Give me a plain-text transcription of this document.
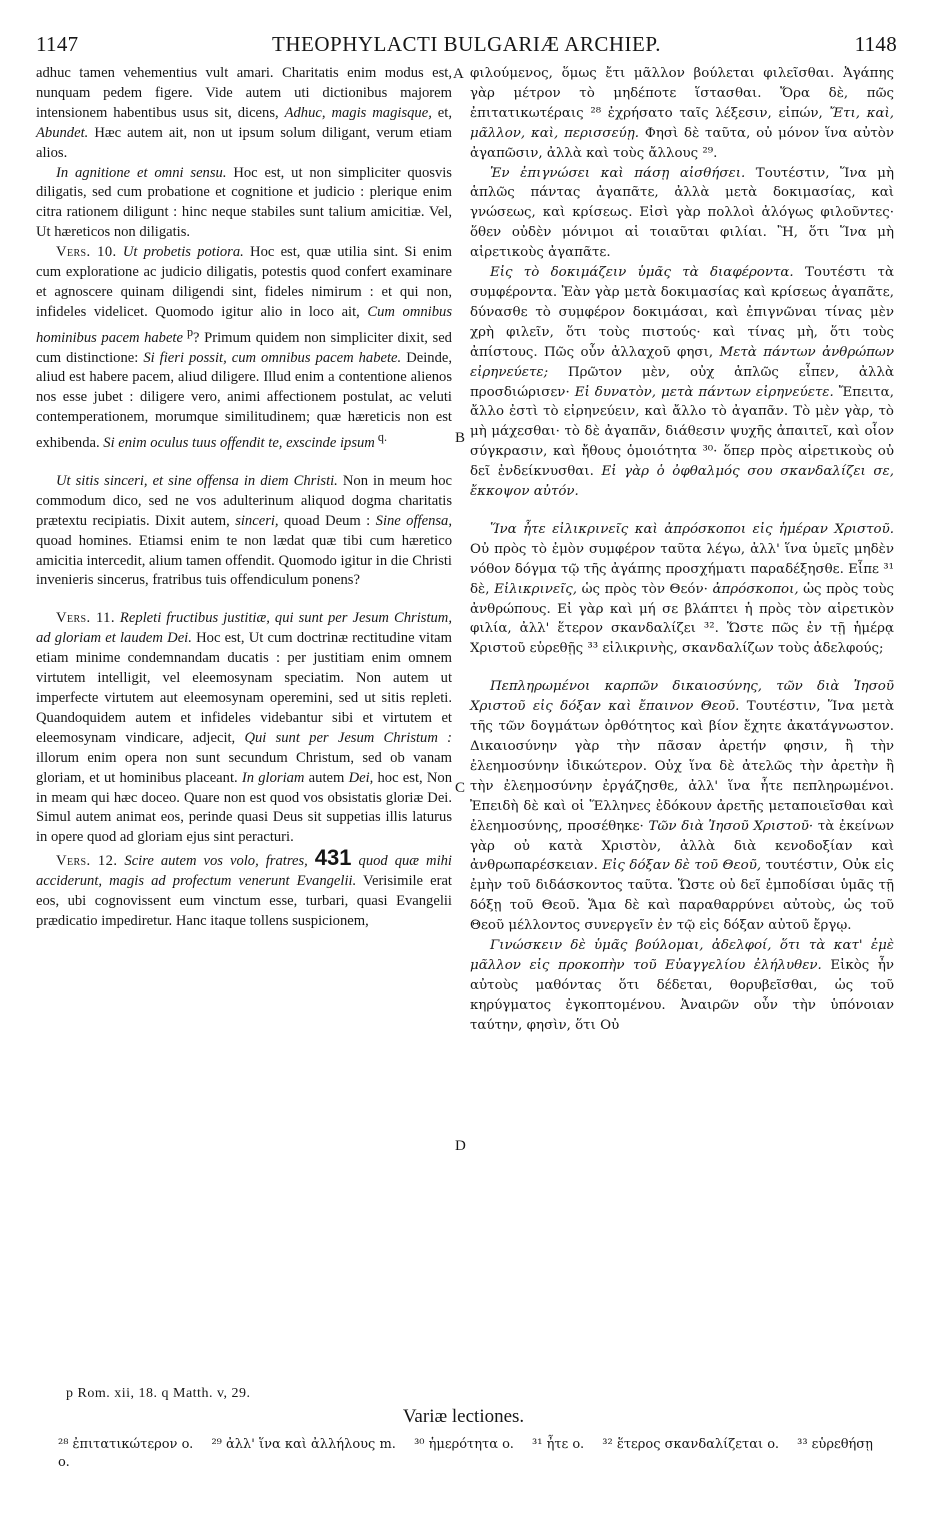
1147	THEOPHYLACTI BULGARIÆ ARCHIEP.	1148

adhuc tamen vehementius vult amari. Charitatis enim modus est, nunquam pedem figere. Vide autem uti dictionibus majorem intensionem habentibus usus sit, dicens, Adhuc, magis magisque, et, Abundet. Hæc autem ait, non ut ipsum solum diligant, verum etiam alios.

In agnitione et omni sensu. Hoc est, ut non simpliciter quosvis diligatis, sed cum probatione et cognitione et judicio : plerique enim citra rationem diligunt : hinc neque stabiles sunt talium amicitiæ. Vel, Ut hæreticos non diligatis.

Vers. 10. Ut probetis potiora. Hoc est, quæ utilia sint. Si enim cum exploratione ac judicio diligatis, potestis quod confert examinare et agnoscere quinam diligendi sint, fideles nimirum : et qui non, infideles videlicet. Quomodo igitur alio in loco ait, Cum omnibus hominibus pacem habete $^p$? Primum quidem non simpliciter dixit, sed cum distinctione: Si fieri possit, cum omnibus pacem habete. Deinde, aliud est habere pacem, aliud diligere. Illud enim a contentione alienos nos esse jubet : diligere vero, animi affectionem postulat, ac veluti contemperationem, morumque similitudinem; quæ hæreticis non est exhibenda. Si enim oculus tuus offendit te, exscinde ipsum $^{q.}$

Ut sitis sinceri, et sine offensa in diem Christi. Non in meum hoc commodum dico, sed ne vos adulterinum aliquod dogma charitatis prætextu recipiatis. Dixit autem, sinceri, quoad Deum : Sine offensa, quoad homines. Etiamsi enim te non lædat quæ tibi cum hæretico amicitia intercedit, alium tamen offendit. Quomodo igitur in die Christi invenieris sincerus, fratribus tuis offendiculum ponens?

Vers. 11. Repleti fructibus justitiæ, qui sunt per Jesum Christum, ad gloriam et laudem Dei. Hoc est, Ut cum doctrinæ rectitudine vitam etiam minime condemnandam ducatis : per justitiam enim omnem virtutem intelligit, vel eleemosynam speciatim. Non autem ut imperfecte virtutem aut eleemosynam operemini, sed ut sitis repleti. Quandoquidem autem et infideles videbantur sibi et virtutem et eleemosynam vindicare, adjecit, Qui sunt per Jesum Christum : illorum enim opera non sunt secundum Christum, sed ob vanam gloriam, et ut hominibus placeant. In gloriam autem Dei, hoc est, Non in meam qui hæc doceo. Quare non est quod vos obsistatis gloriæ Dei. Simul autem animat eos, perinde quasi Deus sit suppetias illis laturus in opere quod ad gloriam ejus sint peracturi.

Vers. 12. Scire autem vos volo, fratres, 431 quod quæ mihi acciderunt, magis ad profectum venerunt Evangelii. Verisimile erat eos, ubi cognovissent eum vinctum esse, turbari, quasi Evangelii prædicatio impediretur. Hanc itaque tollens suspicionem,

φιλούμενος, ὅμως ἔτι μᾶλλον βούλεται φιλεῖσθαι. Ἀγάπης γὰρ μέτρον τὸ μηδέποτε ἵστασθαι. Ὅρα δὲ, πῶς ἐπιτατικωτέραις ²⁸ ἐχρήσατο ταῖς λέξεσιν, εἰπών, Ἔτι, καὶ, μᾶλλον, καὶ, περισσεύῃ. Φησὶ δὲ ταῦτα, οὐ μόνον ἵνα αὐτὸν ἀγαπῶσιν, ἀλλὰ καὶ τοὺς ἄλλους ²⁹.

Ἐν ἐπιγνώσει καὶ πάσῃ αἰσθήσει. Τουτέστιν, Ἵνα μὴ ἁπλῶς πάντας ἀγαπᾶτε, ἀλλὰ μετὰ δοκιμασίας, καὶ γνώσεως, καὶ κρίσεως. Εἰσὶ γὰρ πολλοὶ ἀλόγως φιλοῦντες· ὅθεν οὐδὲν μόνιμοι αἱ τοιαῦται φιλίαι. Ἢ, ὅτι Ἵνα μὴ αἱρετικοὺς ἀγαπᾶτε.

Εἰς τὸ δοκιμάζειν ὑμᾶς τὰ διαφέροντα. Τουτέστι τὰ συμφέροντα. Ἐὰν γὰρ μετὰ δοκιμασίας καὶ κρίσεως ἀγαπᾶτε, δύνασθε τὸ συμφέρον δοκιμάσαι, καὶ ἐπιγνῶναι τίνας μὲν χρὴ φιλεῖν, ὅτι τοὺς πιστούς· καὶ τίνας μὴ, ὅτι τοὺς ἀπίστους. Πῶς οὖν ἀλλαχοῦ φησι, Μετὰ πάντων ἀνθρώπων εἰρηνεύετε; Πρῶτον μὲν, οὐχ ἁπλῶς εἶπεν, ἀλλὰ προσδιώρισεν· Εἰ δυνατὸν, μετὰ πάντων εἰρηνεύετε. Ἔπειτα, ἄλλο ἐστὶ τὸ εἰρηνεύειν, καὶ ἄλλο τὸ ἀγαπᾶν. Τὸ μὲν γὰρ, τὸ μὴ μάχεσθαι· τὸ δὲ ἀγαπᾶν, διάθεσιν ψυχῆς ἀπαιτεῖ, καὶ οἷον σύγκρασιν, καὶ ἤθους ὁμοιότητα ³⁰· ὅπερ πρὸς αἱρετικοὺς οὐ δεῖ ἐνδείκνυσθαι. Εἰ γὰρ ὁ ὀφθαλμός σου σκανδαλίζει σε, ἔκκοψον αὐτόν.

Ἵνα ἦτε εἰλικρινεῖς καὶ ἀπρόσκοποι εἰς ἡμέραν Χριστοῦ. Οὐ πρὸς τὸ ἐμὸν συμφέρον ταῦτα λέγω, ἀλλ' ἵνα ὑμεῖς μηδὲν νόθον δόγμα τῷ τῆς ἀγάπης προσχήματι παραδέξησθε. Εἶπε ³¹ δὲ, Εἰλικρινεῖς, ὡς πρὸς τὸν Θεόν· ἀπρόσκοποι, ὡς πρὸς τοὺς ἀνθρώπους. Εἰ γὰρ καὶ μή σε βλάπτει ἡ πρὸς τὸν αἱρετικὸν φιλία, ἀλλ' ἕτερον σκανδαλίζει ³². Ὥστε πῶς ἐν τῇ ἡμέρᾳ Χριστοῦ εὑρεθῇς ³³ εἰλικρινὴς, σκανδαλίζων τοὺς ἀδελφούς;

Πεπληρωμένοι καρπῶν δικαιοσύνης, τῶν διὰ Ἰησοῦ Χριστοῦ εἰς δόξαν καὶ ἔπαινον Θεοῦ. Τουτέστιν, Ἵνα μετὰ τῆς τῶν δογμάτων ὀρθότητος καὶ βίον ἔχητε ἀκατάγνωστον. Δικαιοσύνην γὰρ τὴν πᾶσαν ἀρετήν φησιν, ἢ τὴν ἐλεημοσύνην ἰδικώτερον. Οὐχ ἵνα δὲ ἀτελῶς τὴν ἀρετὴν ἢ τὴν ἐλεημοσύνην ἐργάζησθε, ἀλλ' ἵνα ἦτε πεπληρωμένοι. Ἐπειδὴ δὲ καὶ οἱ Ἕλληνες ἐδόκουν ἀρετῆς μεταποιεῖσθαι καὶ ἐλεημοσύνης, προσέθηκε· Τῶν διὰ Ἰησοῦ Χριστοῦ· τὰ ἐκείνων γὰρ οὐ κατὰ Χριστὸν, ἀλλὰ διὰ κενοδοξίαν καὶ ἀνθρωπαρέσκειαν. Εἰς δόξαν δὲ τοῦ Θεοῦ, τουτέστιν, Οὐκ εἰς ἐμὴν τοῦ διδάσκοντος ταῦτα. Ὥστε οὐ δεῖ ἐμποδίσαι ὑμᾶς τῇ δόξῃ τοῦ Θεοῦ. Ἅμα δὲ καὶ παραθαρρύνει αὐτοὺς, ὡς τοῦ Θεοῦ μέλλοντος συνεργεῖν ἐν τῷ εἰς δόξαν αὐτοῦ ἔργῳ.

Γινώσκειν δὲ ὑμᾶς βούλομαι, ἀδελφοί, ὅτι τὰ κατ' ἐμὲ μᾶλλον εἰς προκοπὴν τοῦ Εὐαγγελίου ἐλήλυθεν. Εἰκὸς ἦν αὐτοὺς μαθόντας ὅτι δέδεται, θορυβεῖσθαι, ὡς τοῦ κηρύγματος ἐγκοπτομένου. Ἀναιρῶν οὖν τὴν ὑπόνοιαν ταύτην, φησὶν, ὅτι Οὐ

A
B
C
D
p Rom. xii, 18. q Matth. v, 29.
Variæ lectiones.
²⁸ ἐπιτατικώτερον o. ²⁹ ἀλλ' ἵνα καὶ ἀλλήλους m. ³⁰ ἡμερότητα o. ³¹ ἦτε o. ³² ἕτερος σκανδαλίζεται o. ³³ εὑρεθήσῃ o.
